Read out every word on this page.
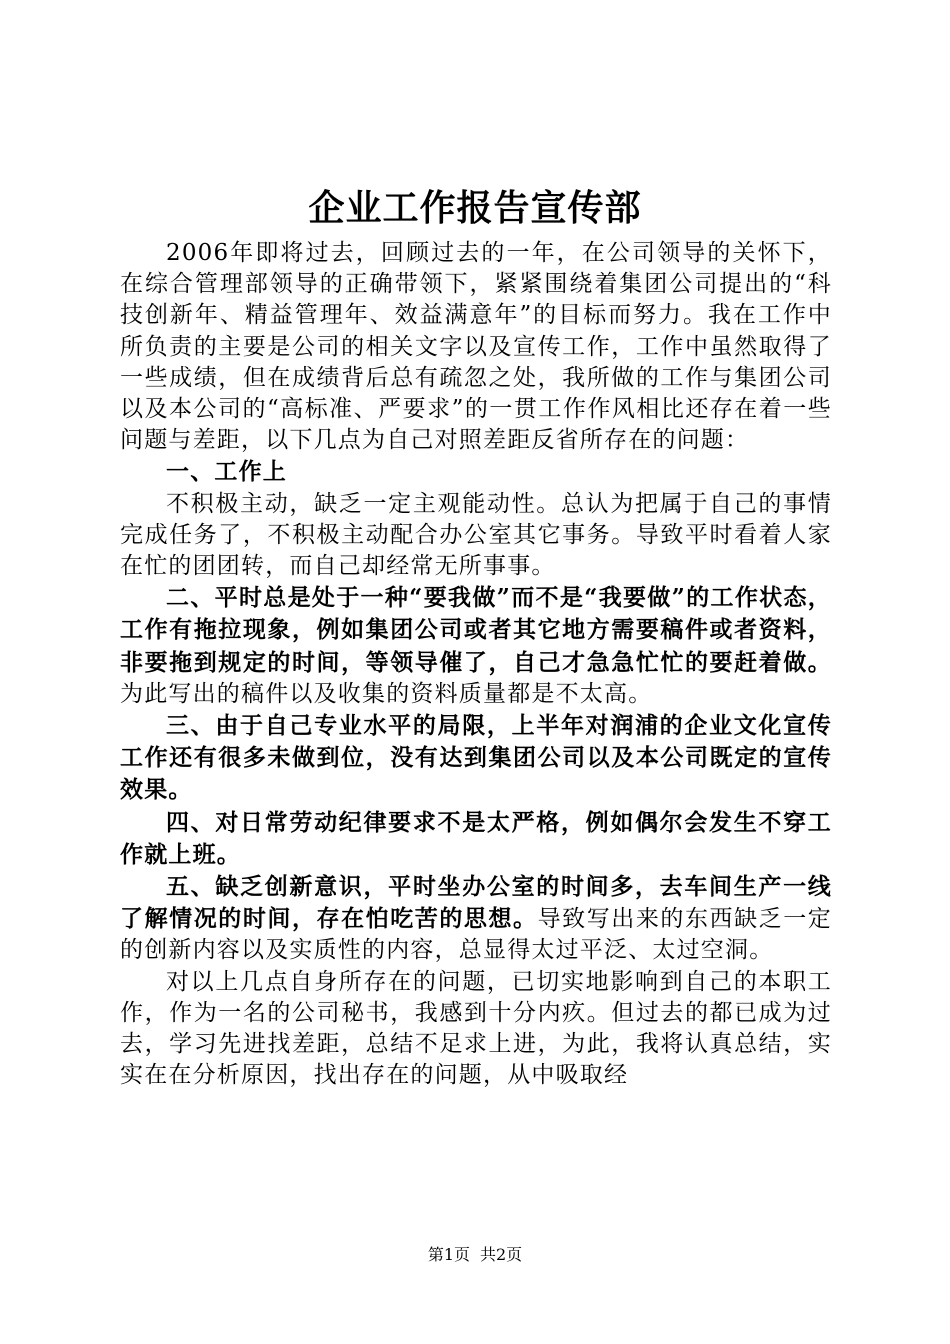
企业工作报告宣传部

2006年即将过去，回顾过去的一年，在公司领导的关怀下，在综合管理部领导的正确带领下，紧紧围绕着集团公司提出的“科技创新年、精益管理年、效益满意年”的目标而努力。我在工作中所负责的主要是公司的相关文字以及宣传工作，工作中虽然取得了一些成绩，但在成绩背后总有疏忽之处，我所做的工作与集团公司以及本公司的“高标准、严要求”的一贯工作作风相比还存在着一些问题与差距，以下几点为自己对照差距反省所存在的问题：

一、工作上

不积极主动，缺乏一定主观能动性。总认为把属于自己的事情完成任务了，不积极主动配合办公室其它事务。导致平时看着人家在忙的团团转，而自己却经常无所事事。

二、平时总是处于一种“要我做”而不是“我要做”的工作状态，工作有拖拉现象，例如集团公司或者其它地方需要稿件或者资料，非要拖到规定的时间，等领导催了，自己才急急忙忙的要赶着做。为此写出的稿件以及收集的资料质量都是不太高。

三、由于自己专业水平的局限，上半年对润浦的企业文化宣传工作还有很多未做到位，没有达到集团公司以及本公司既定的宣传效果。

四、对日常劳动纪律要求不是太严格，例如偶尔会发生不穿工作就上班。

五、缺乏创新意识，平时坐办公室的时间多，去车间生产一线了解情况的时间，存在怕吃苦的思想。导致写出来的东西缺乏一定的创新内容以及实质性的内容，总显得太过平泛、太过空洞。

对以上几点自身所存在的问题，已切实地影响到自己的本职工作，作为一名的公司秘书，我感到十分内疚。但过去的都已成为过去，学习先进找差距，总结不足求上进，为此，我将认真总结，实实在在分析原因，找出存在的问题，从中吸取经

第1页 共2页
